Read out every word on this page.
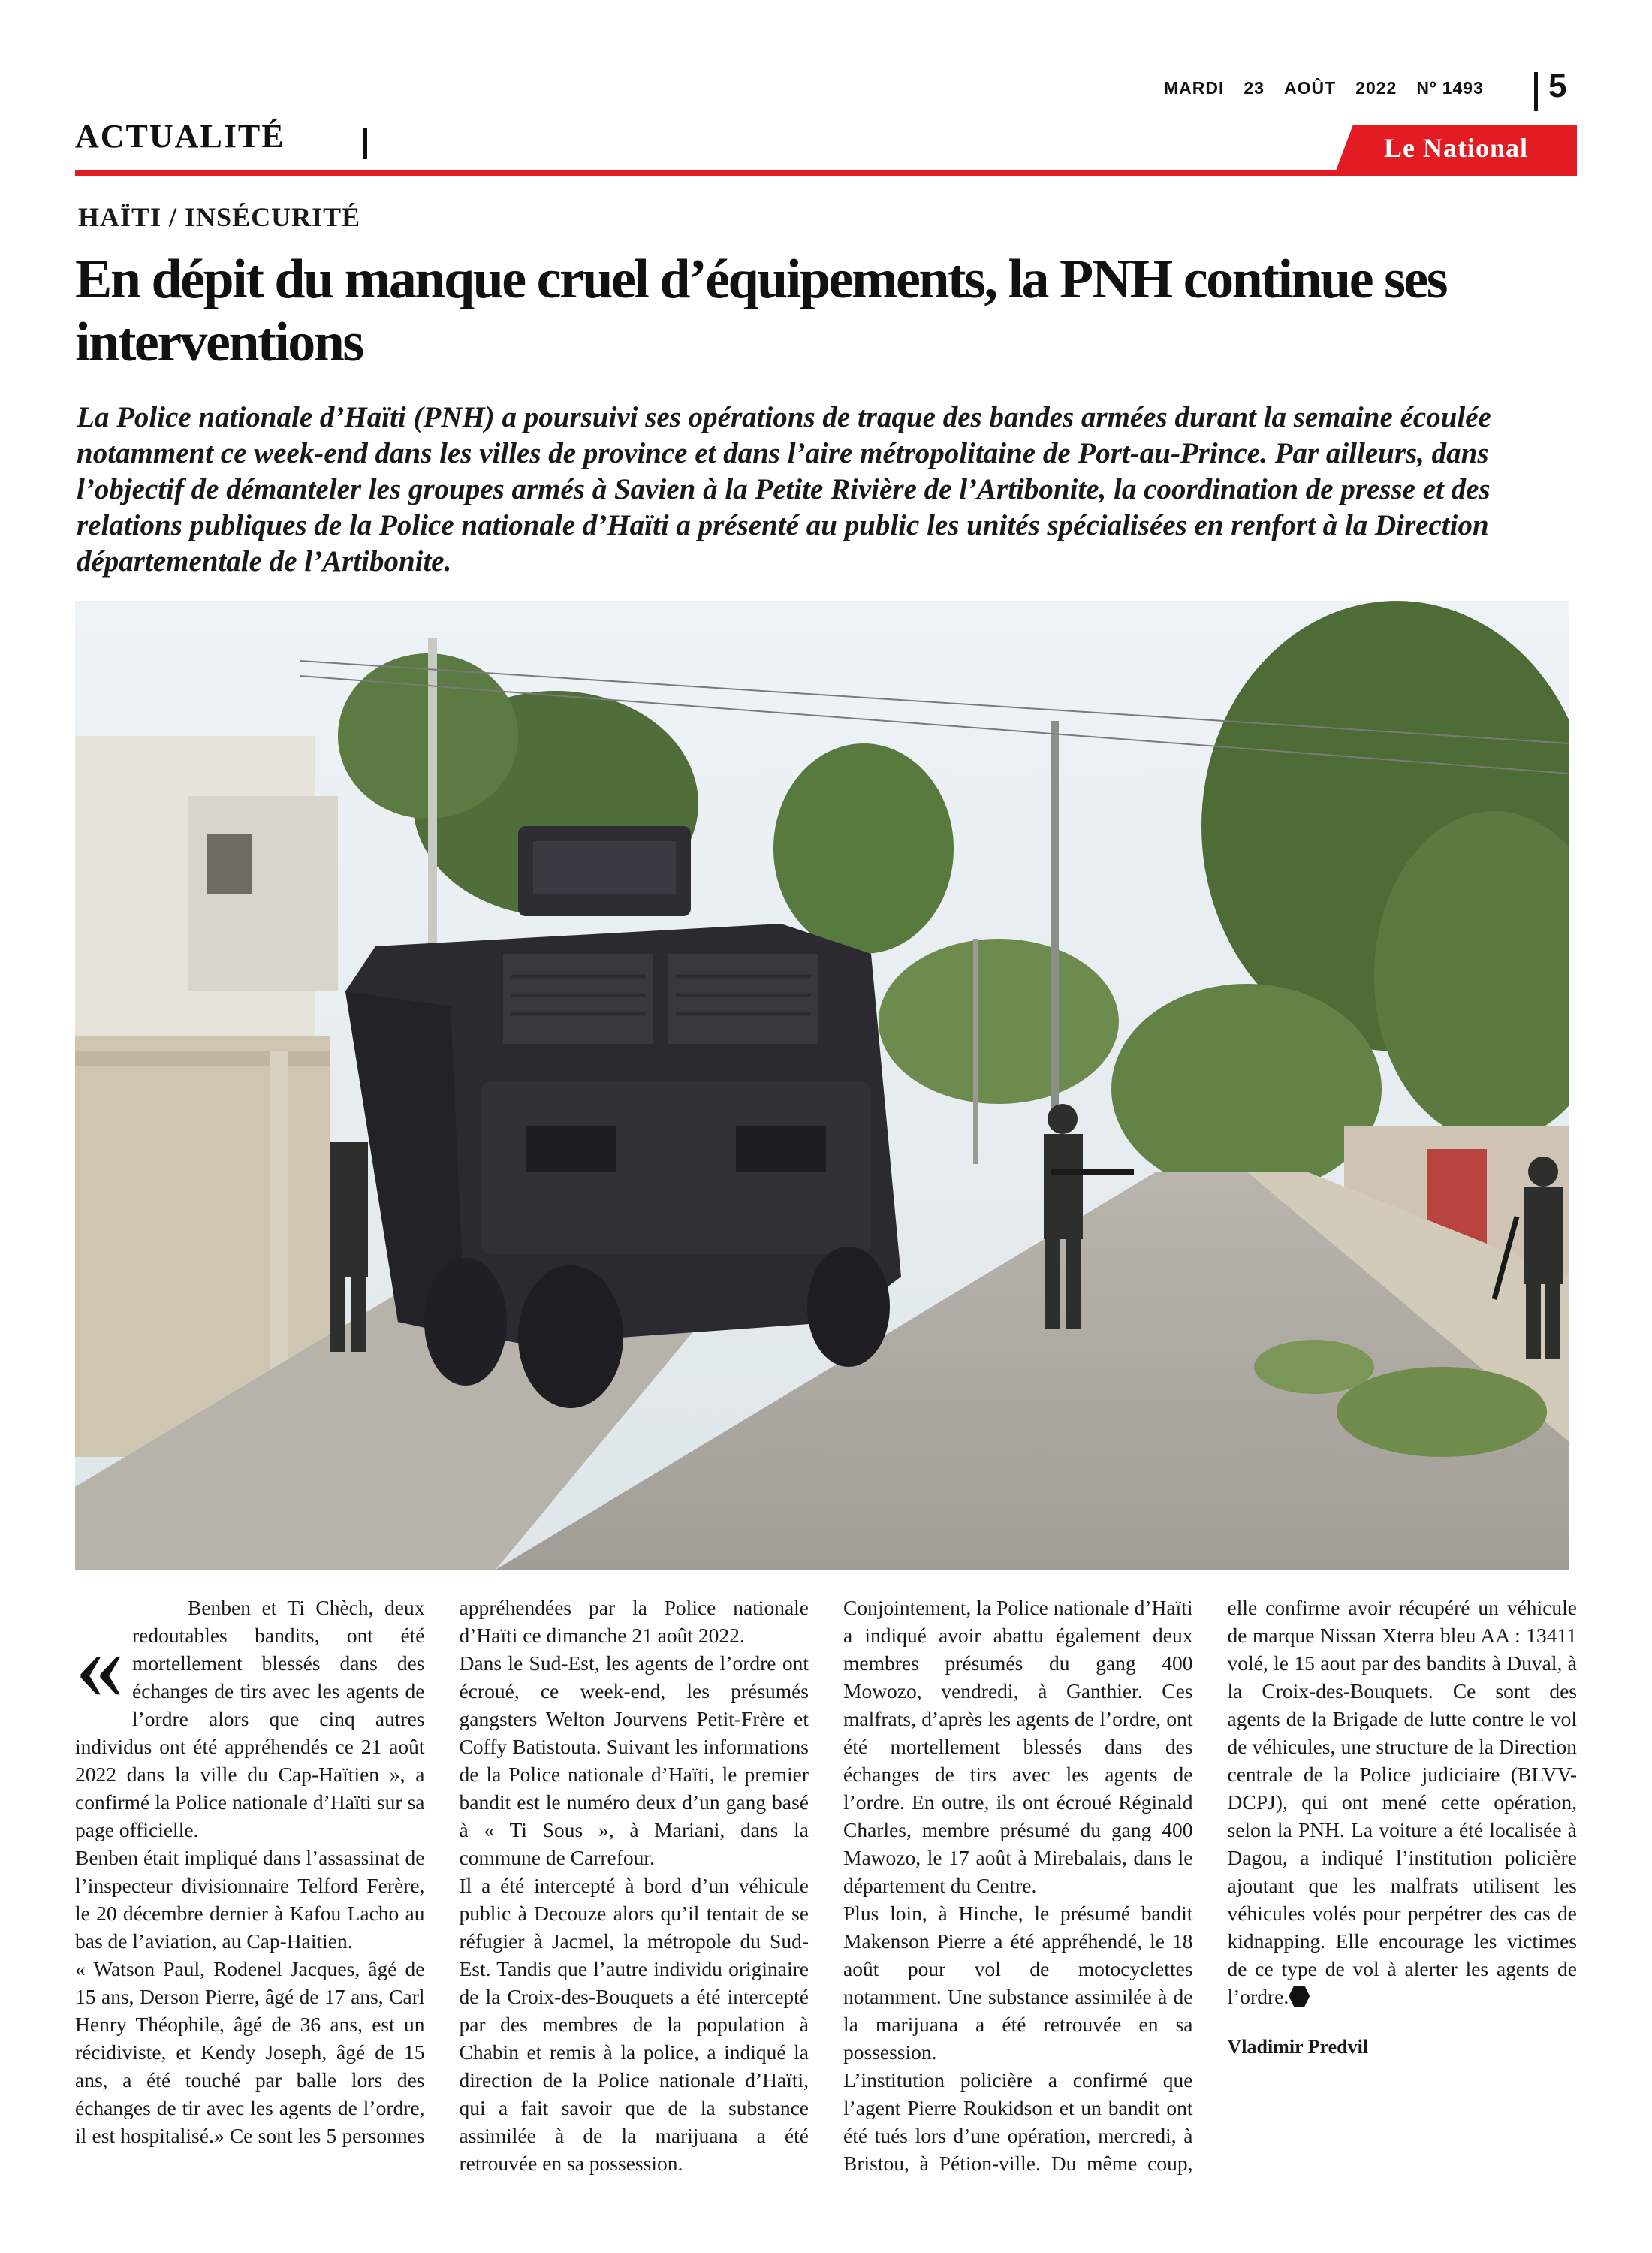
MARDI 23 AOÛT 2022 Nº 1493 5
ACTUALITÉ	Le National
HAÏTI / INSÉCURITÉ
En dépit du manque cruel d’équipements, la PNH continue ses interventions

La Police nationale d’Haïti (PNH) a poursuivi ses opérations de traque des bandes armées durant la semaine écoulée notamment ce week-end dans les villes de province et dans l’aire métropolitaine de Port-au-Prince. Par ailleurs, dans l’objectif de démanteler les groupes armés à Savien à la Petite Rivière de l’Artibonite, la coordination de presse et des relations publiques de la Police nationale d’Haïti a présenté au public les unités spécialisées en renfort à la Direction départementale de l’Artibonite.

«

Benben et Ti Chèch, deux redoutables bandits, ont été mortellement blessés dans des échanges de tirs avec les agents de l’ordre alors que cinq autres individus ont été appréhendés ce 21 août 2022 dans la ville du Cap-Haïtien », a confirmé la Police nationale d’Haïti sur sa page officielle.

Benben était impliqué dans l’assassinat de l’inspecteur divisionnaire Telford Ferère, le 20 décembre dernier à Kafou Lacho au bas de l’aviation, au Cap-Haitien.

« Watson Paul, Rodenel Jacques, âgé de 15 ans, Derson Pierre, âgé de 17 ans, Carl Henry Théophile, âgé de 36 ans, est un récidiviste, et Kendy Joseph, âgé de 15 ans, a été touché par balle lors des échanges de tir avec les agents de l’ordre, il est hospitalisé.» Ce sont les 5 personnes appréhendées par la Police nationale d’Haïti ce dimanche 21 août 2022.

Dans le Sud-Est, les agents de l’ordre ont écroué, ce week-end, les présumés gangsters Welton Jourvens Petit-Frère et Coffy Batistouta. Suivant les informations de la Police nationale d’Haïti, le premier bandit est le numéro deux d’un gang basé à « Ti Sous », à Mariani, dans la commune de Carrefour.

Il a été intercepté à bord d’un véhicule public à Decouze alors qu’il tentait de se réfugier à Jacmel, la métropole du Sud-Est. Tandis que l’autre individu originaire de la Croix-des-Bouquets a été intercepté par des membres de la population à Chabin et remis à la police, a indiqué la direction de la Police nationale d’Haïti, qui a fait savoir que de la substance assimilée à de la marijuana a été retrouvée en sa possession.

Conjointement, la Police nationale d’Haïti a indiqué avoir abattu également deux membres présumés du gang 400 Mowozo, vendredi, à Ganthier. Ces malfrats, d’après les agents de l’ordre, ont été mortellement blessés dans des échanges de tirs avec les agents de l’ordre. En outre, ils ont écroué Réginald Charles, membre présumé du gang 400 Mawozo, le 17 août à Mirebalais, dans le département du Centre.

Plus loin, à Hinche, le présumé bandit Makenson Pierre a été appréhendé, le 18 août pour vol de motocyclettes notamment. Une substance assimilée à de la marijuana a été retrouvée en sa possession.

L’institution policière a confirmé que l’agent Pierre Roukidson et un bandit ont été tués lors d’une opération, mercredi, à Bristou, à Pétion-ville. Du même coup, elle confirme avoir récupéré un véhicule de marque Nissan Xterra bleu AA : 13411 volé, le 15 aout par des bandits à Duval, à la Croix-des-Bouquets. Ce sont des agents de la Brigade de lutte contre le vol de véhicules, une structure de la Direction centrale de la Police judiciaire (BLVV-DCPJ), qui ont mené cette opération, selon la PNH. La voiture a été localisée à Dagou, a indiqué l’institution policière ajoutant que les malfrats utilisent les véhicules volés pour perpétrer des cas de kidnapping. Elle encourage les victimes de ce type de vol à alerter les agents de l’ordre.

Vladimir Predvil
